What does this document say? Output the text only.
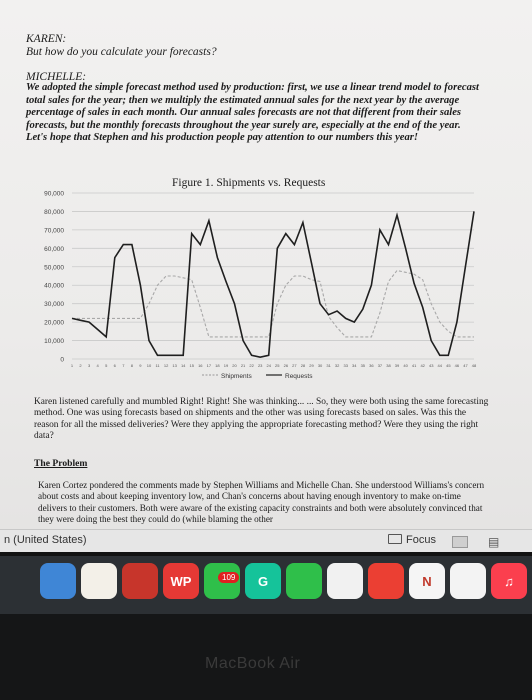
KAREN:
But how do you calculate your forecasts?
MICHELLE:
We adopted the simple forecast method used by production: first, we use a linear trend model to forecast total sales for the year; then we multiply the estimated annual sales for the next year by the average percentage of sales in each month. Our annual sales forecasts are not that different from their sales forecasts, but the monthly forecasts throughout the year surely are, especially at the end of the year. Let's hope that Stephen and his production people pay attention to our numbers this year!
Figure 1. Shipments vs. Requests
0
10,000
20,000
30,000
40,000
50,000
60,000
70,000
80,000
90,000
1 2 3 4 5 6 7 8 9 10 11 12 13 14 15 16 17 18 19 20 21 22 23 24 25 26 27 28 29 30 31 32 33 34 35 36 37 38 39 40 41 42 43 44 45 46 47 48
Shipments	Requests
Karen listened carefully and mumbled Right! Right! She was thinking... ... So, they were both using the same forecasting method. One was using forecasts based on shipments and the other was using forecasts based on sales. Was this the reason for all the missed deliveries? Were they applying the appropriate forecasting method? Were they using the right data?
The Problem
Karen Cortez pondered the comments made by Stephen Williams and Michelle Chan. She understood Williams's concern about costs and about keeping inventory low, and Chan's concerns about having enough inventory to make on-time delivers to their customers. Both were aware of the existing capacity constraints and both were absolutely convinced that they were doing the best they could do (while blaming the other
n (United States)	Focus	▤
WP	G	N	♫
109
MacBook Air
